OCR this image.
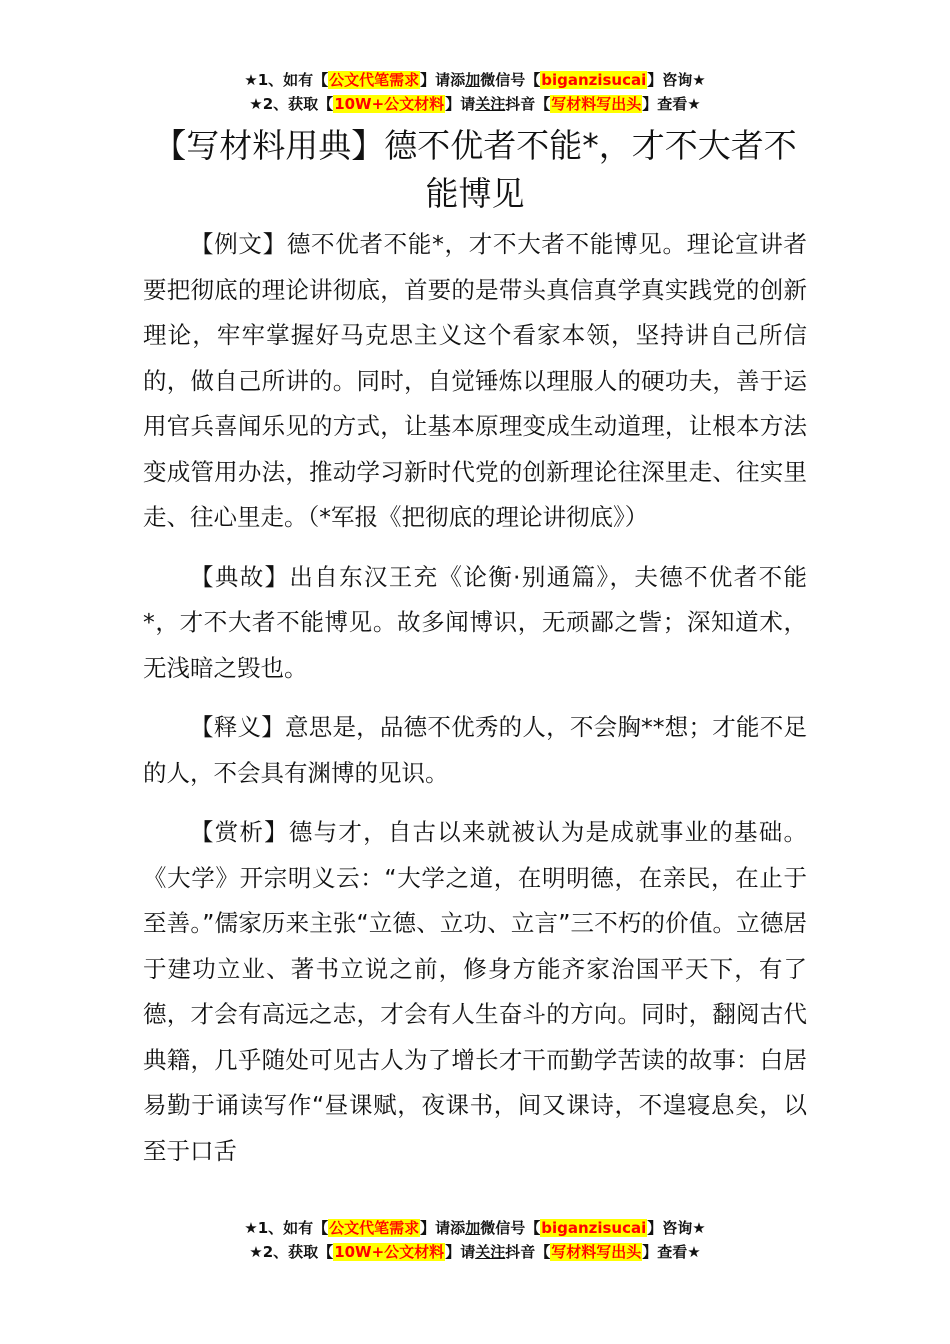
★1、如有【公文代笔需求】请添加微信号【biganzisucai】咨询★
★2、获取【10W+公文材料】请关注抖音【写材料写出头】查看★
【写材料用典】德不优者不能*，才不大者不能博见

【例文】德不优者不能*，才不大者不能博见。理论宣讲者要把彻底的理论讲彻底，首要的是带头真信真学真实践党的创新理论，牢牢掌握好马克思主义这个看家本领，坚持讲自己所信的，做自己所讲的。同时，自觉锤炼以理服人的硬功夫，善于运用官兵喜闻乐见的方式，让基本原理变成生动道理，让根本方法变成管用办法，推动学习新时代党的创新理论往深里走、往实里走、往心里走。（*军报《把彻底的理论讲彻底》）

【典故】出自东汉王充《论衡·别通篇》，夫德不优者不能*，才不大者不能博见。故多闻博识，无顽鄙之訾；深知道术，无浅暗之毁也。

【释义】意思是，品德不优秀的人，不会胸**想；才能不足的人，不会具有渊博的见识。

【赏析】德与才，自古以来就被认为是成就事业的基础。《大学》开宗明义云：“大学之道，在明明德，在亲民，在止于至善。”儒家历来主张“立德、立功、立言”三不朽的价值。立德居于建功立业、著书立说之前，修身方能齐家治国平天下，有了德，才会有高远之志，才会有人生奋斗的方向。同时，翻阅古代典籍，几乎随处可见古人为了增长才干而勤学苦读的故事：白居易勤于诵读写作“昼课赋，夜课书，间又课诗，不遑寝息矣，以至于口舌

★1、如有【公文代笔需求】请添加微信号【biganzisucai】咨询★
★2、获取【10W+公文材料】请关注抖音【写材料写出头】查看★
